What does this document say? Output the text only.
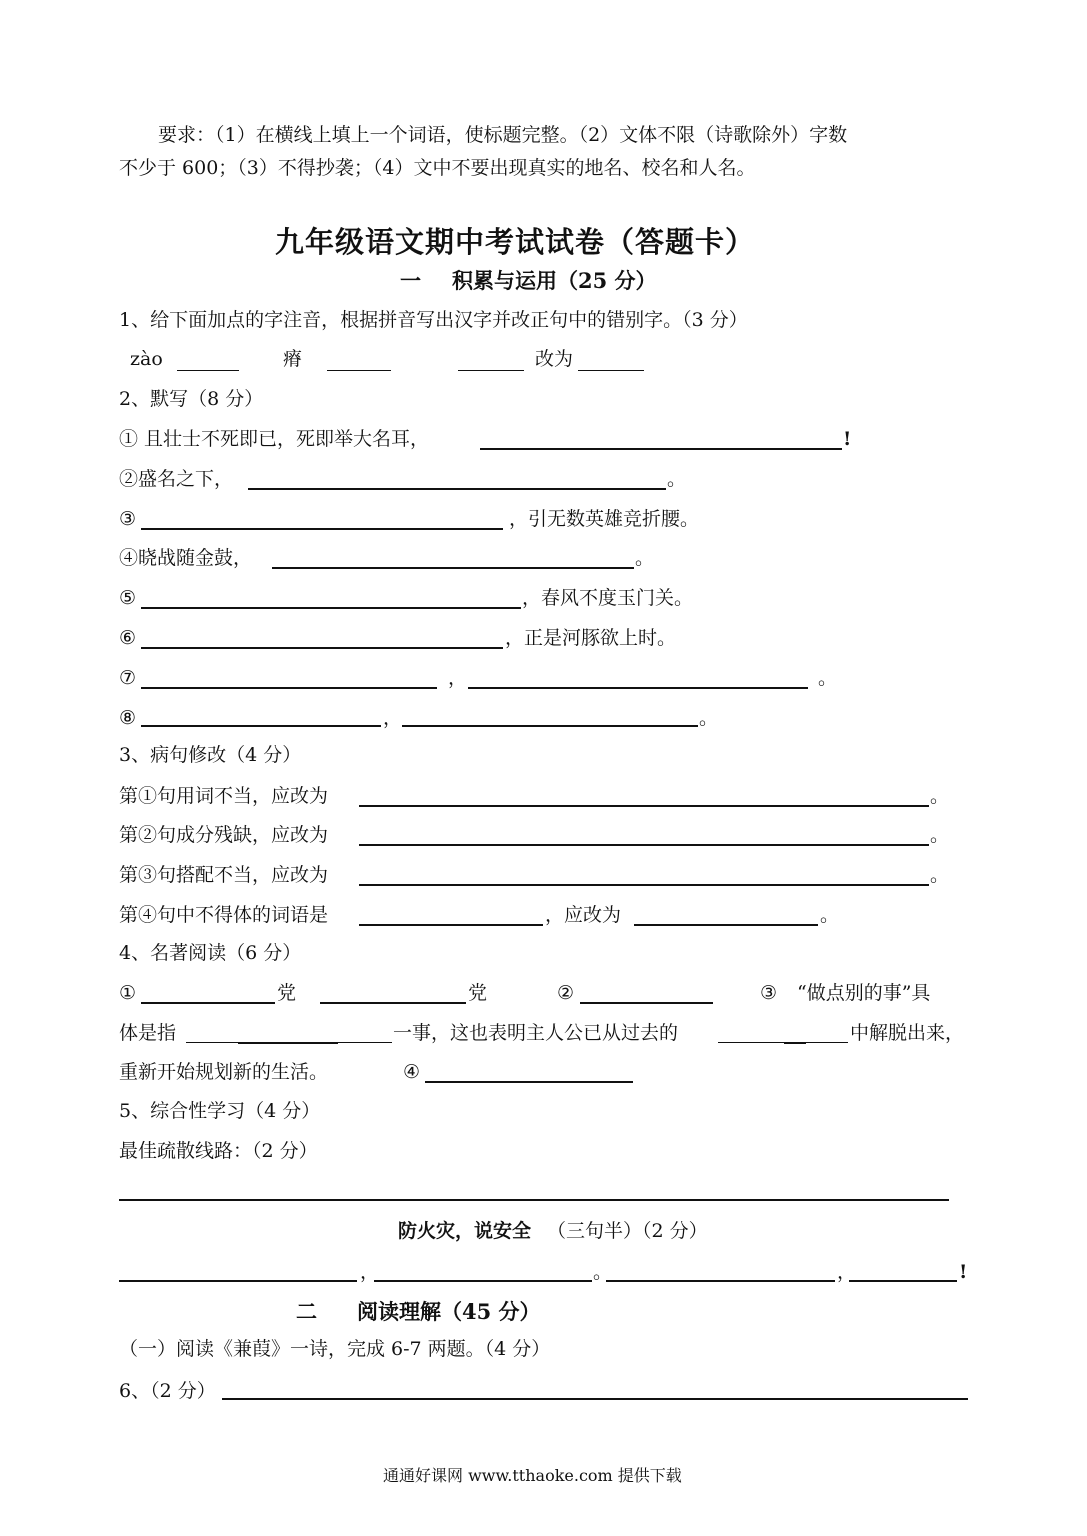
要求：（1）在横线上填上一个词语，使标题完整。（2）文体不限（诗歌除外）字数
不少于 600；（3）不得抄袭；（4）文中不要出现真实的地名、校名和人名。
九年级语文期中考试试卷（答题卡）
一 积累与运用（25 分）
1、给下面加点的字注音，根据拼音写出汉字并改正句中的错别字。（3 分）
zào	瘠	改为
2、默写（8 分）
① 且壮士不死即已，死即举大名耳，	!
②盛名之下，	。
③	，引无数英雄竞折腰。
④晓战随金鼓，	。
⑤	，春风不度玉门关。
⑥	，正是河豚欲上时。
⑦	，	。
⑧	，	。
3、病句修改（4 分）
第①句用词不当，应改为	。
第②句成分残缺，应改为	。
第③句搭配不当，应改为	。
第④句中不得体的词语是	，应改为	。
4、名著阅读（6 分）
①	党	党	②	③ “做点别的事”具
体是指	一事，这也表明主人公已从过去的	中解脱出来，
重新开始规划新的生活。	④
5、综合性学习（4 分）
最佳疏散线路：（2 分）
防火灾，说安全 （三句半）（2 分）
，	。	，	!
二 阅读理解（45 分）
（一）阅读《兼葭》一诗，完成 6-7 两题。（4 分）
6、（2 分）
通通好课网 www.tthaoke.com 提供下载
